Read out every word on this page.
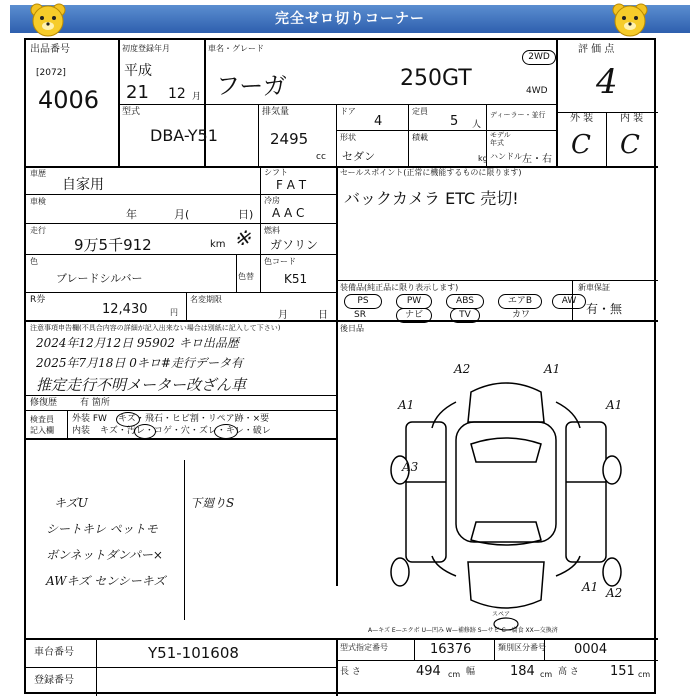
完全ゼロ切りコーナー
出品番号
[2072]
4006
初度登録年月
平成
21 12 月
車名・グレード
フーガ	250GT
2WD
4WD
評 価 点
4
外 装	内 装
C C
型式
DBA-Y51
排気量
2495
cc
ドア
4
定員
5 人
ディーラー・並行
形状
セダン
積載
kg
モデル
年式
ハンドル 左・右
車歴
自家用
シフト
F A T
車検
年	月(	日)
冷房
A A C
走行
9万5千912	km ※ 燃料
ガソリン
色
ブレードシルバー	色替
色コード
K51
R券
12,430	円
名変期限
月	日
セールスポイント(正常に機能するものに限ります)
バックカメラ ETC 売切!
装備品(純正品に限り表示します)
PS	PW	ABS	エアB	AW
SR	ナビ	TV	カワ
新車保証
有・無
後日品
注意事項申告欄(不具合内容の詳細が記入出来ない場合は別紙に記入して下さい)
2024年12月12日 95902 キロ出品歴
2025年7月18日 0キロ#走行データ有
推定走行不明メーター改ざん車
修復歴	有 箇所
検査員
記入欄
外装 FW キズ・飛石・ヒビ割・リペア跡・×要
内装 キズ・汚レ・コゲ・穴・ズレ・キレ・破レ
キズU
シートキレ ペットモ
ボンネットダンパー×
AWキズ センシーキズ
下廻りS
A2	A1
A1	A1
A3
A1 A2
スペア
A—キズ E—エクボ U—凹み W—補修跡 S—サビ C—腐食 XX—交換済
車台番号	Y51-101608
登録番号
型式指定番号	16376	類別区分番号 0004
長 さ	494 cm 幅	184 cm 高 さ 151 cm
